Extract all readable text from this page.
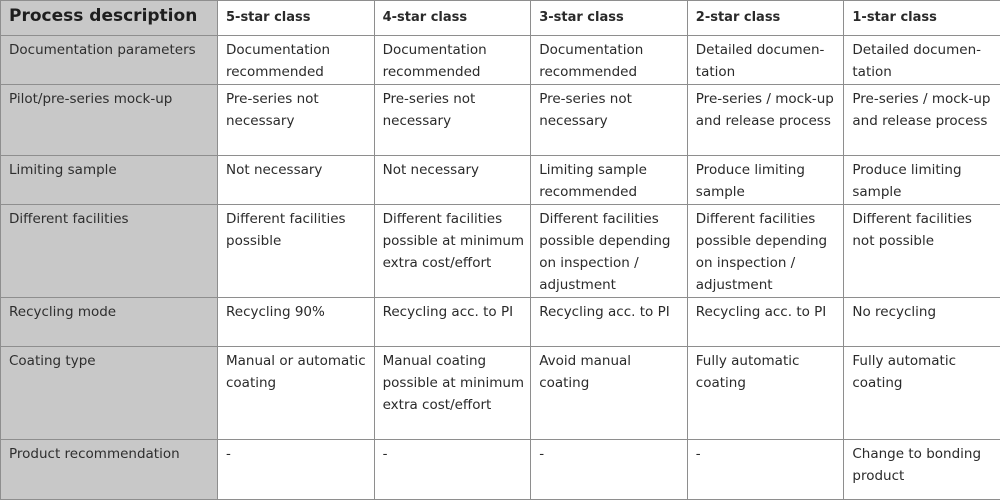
Process description	5-star class	4-star class	3-star class	2-star class	1-star class
Documentation parameters	Documentation recommended	Documentation recommended	Documentation recommended	Detailed documen-tation	Detailed documen-tation
Pilot/pre-series mock-up	Pre-series not necessary	Pre-series not necessary	Pre-series not necessary	Pre-series / mock-up and release process	Pre-series / mock-up and release process
Limiting sample	Not necessary	Not necessary	Limiting sample recommended	Produce limiting sample	Produce limiting sample
Different facilities	Different facilities possible	Different facilities possible at minimum extra cost/effort	Different facilities possible depending on inspection / adjustment	Different facilities possible depending on inspection / adjustment	Different facilities not possible
Recycling mode	Recycling 90%	Recycling acc. to PI	Recycling acc. to PI	Recycling acc. to PI	No recycling
Coating type	Manual or automatic coating	Manual coating possible at minimum extra cost/effort	Avoid manual coating	Fully automatic coating	Fully automatic coating
Product recommendation	-	-	-	-	Change to bonding product
